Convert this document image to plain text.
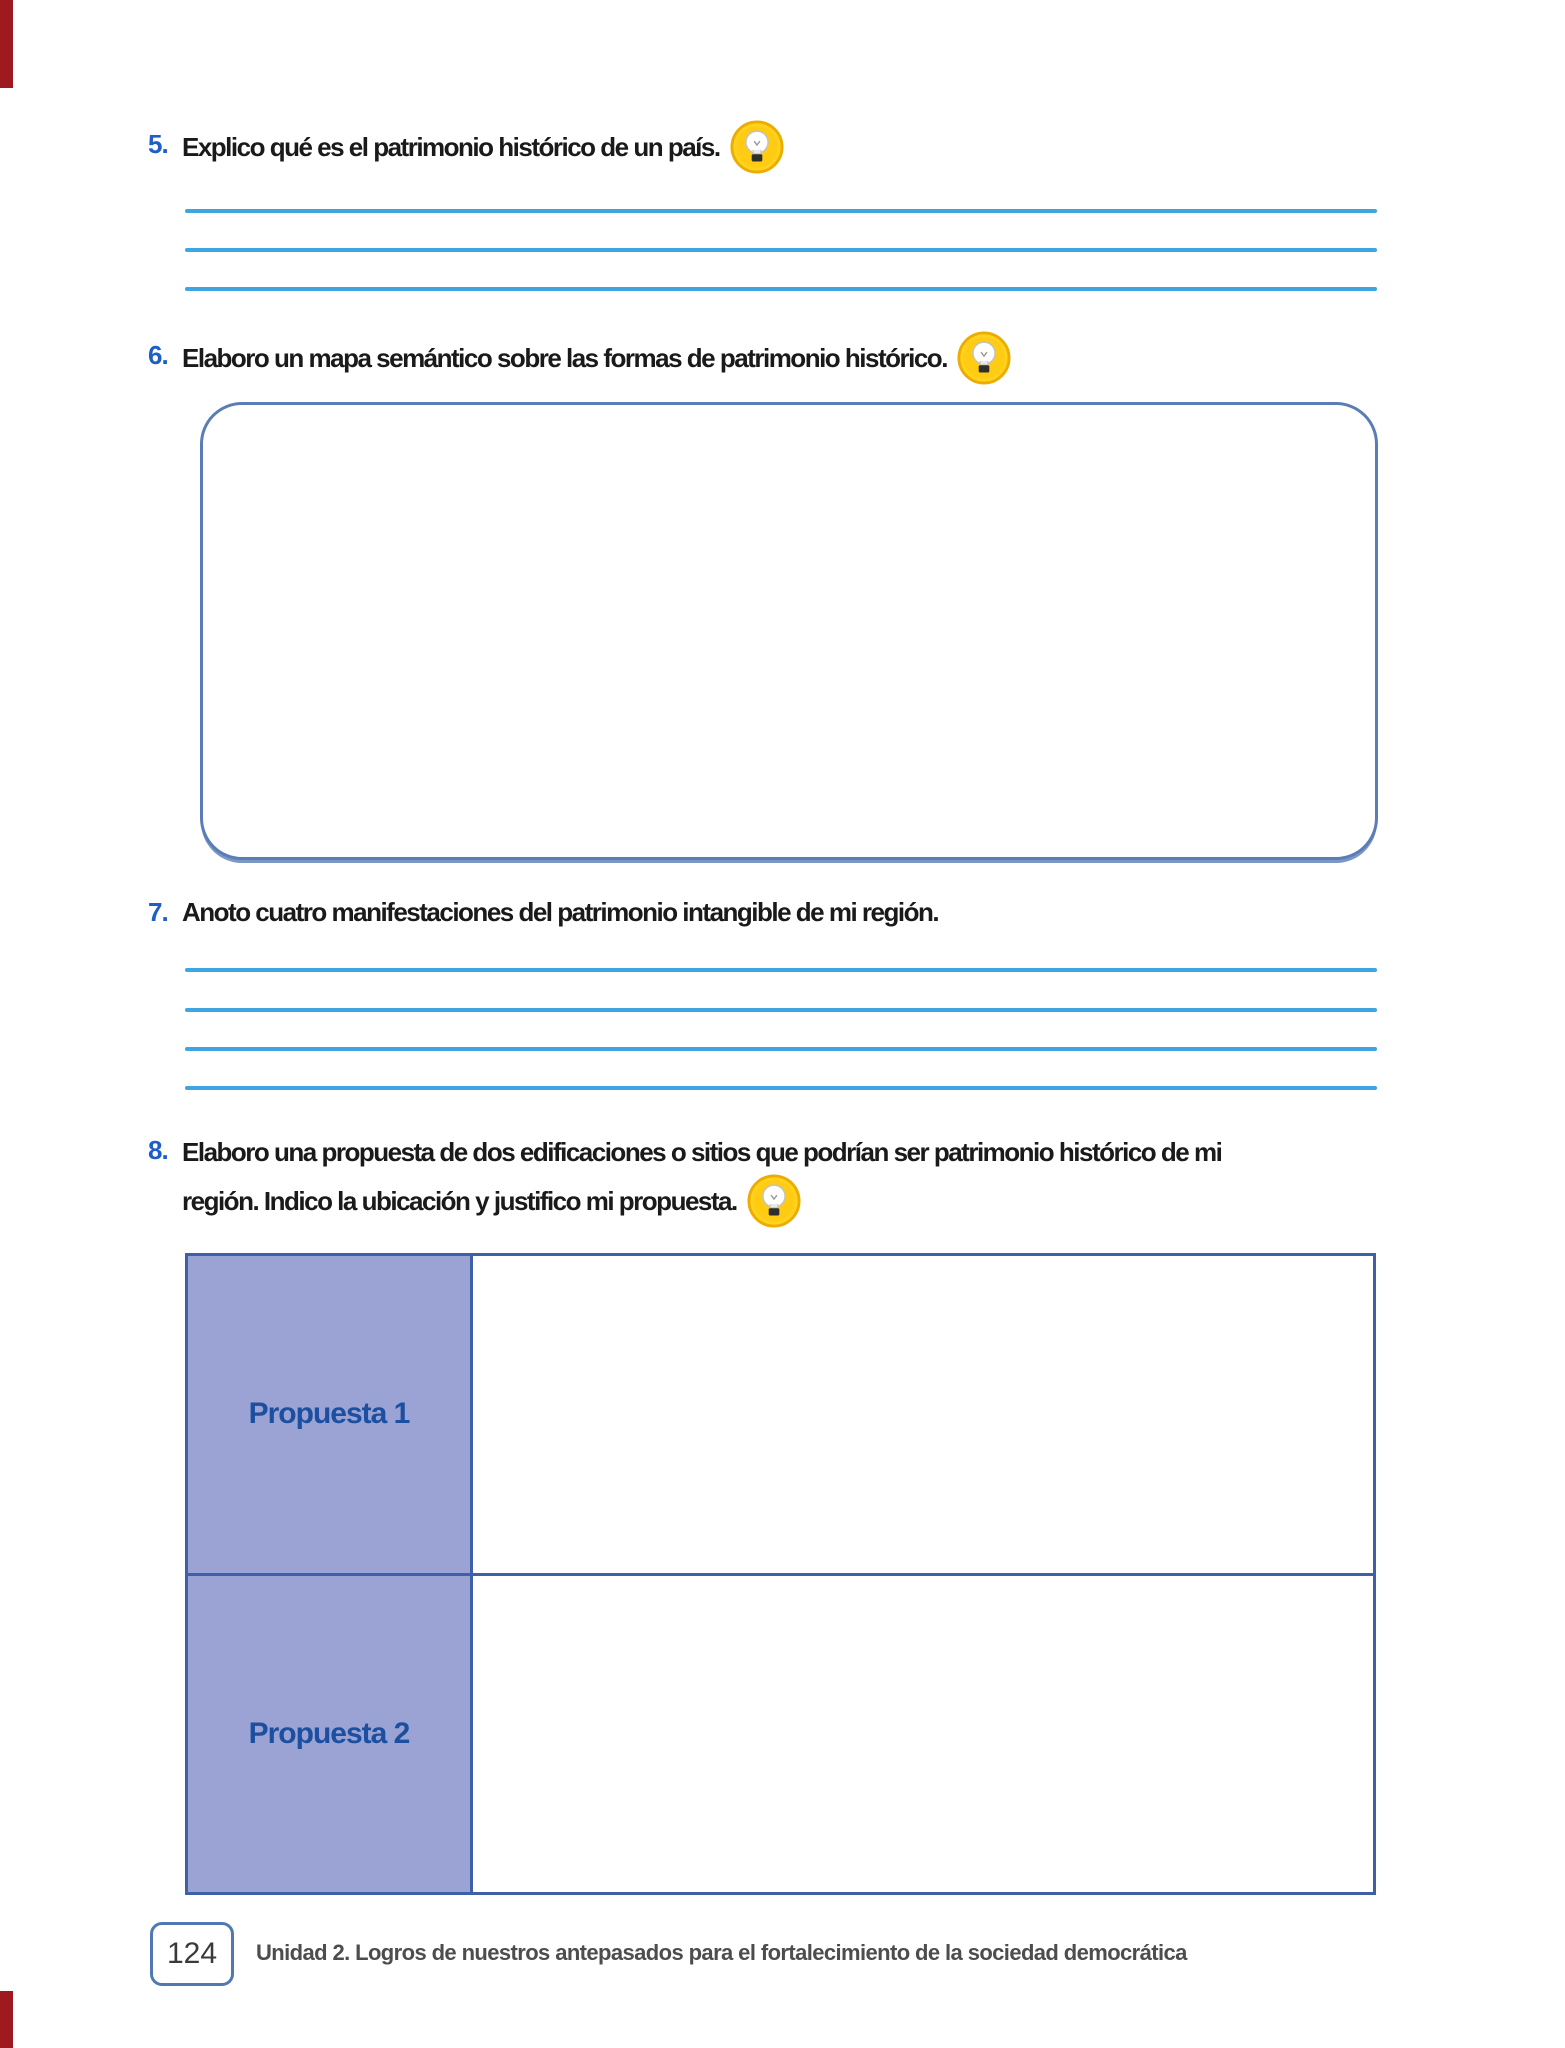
5. Explico qué es el patrimonio histórico de un país.
6. Elaboro un mapa semántico sobre las formas de patrimonio histórico.
7. Anoto cuatro manifestaciones del patrimonio intangible de mi región.
8. Elaboro una propuesta de dos edificaciones o sitios que podrían ser patrimonio histórico de mi
región. Indico la ubicación y justifico mi propuesta.
Propuesta 1
Propuesta 2
124 Unidad 2. Logros de nuestros antepasados para el fortalecimiento de la sociedad democrática
